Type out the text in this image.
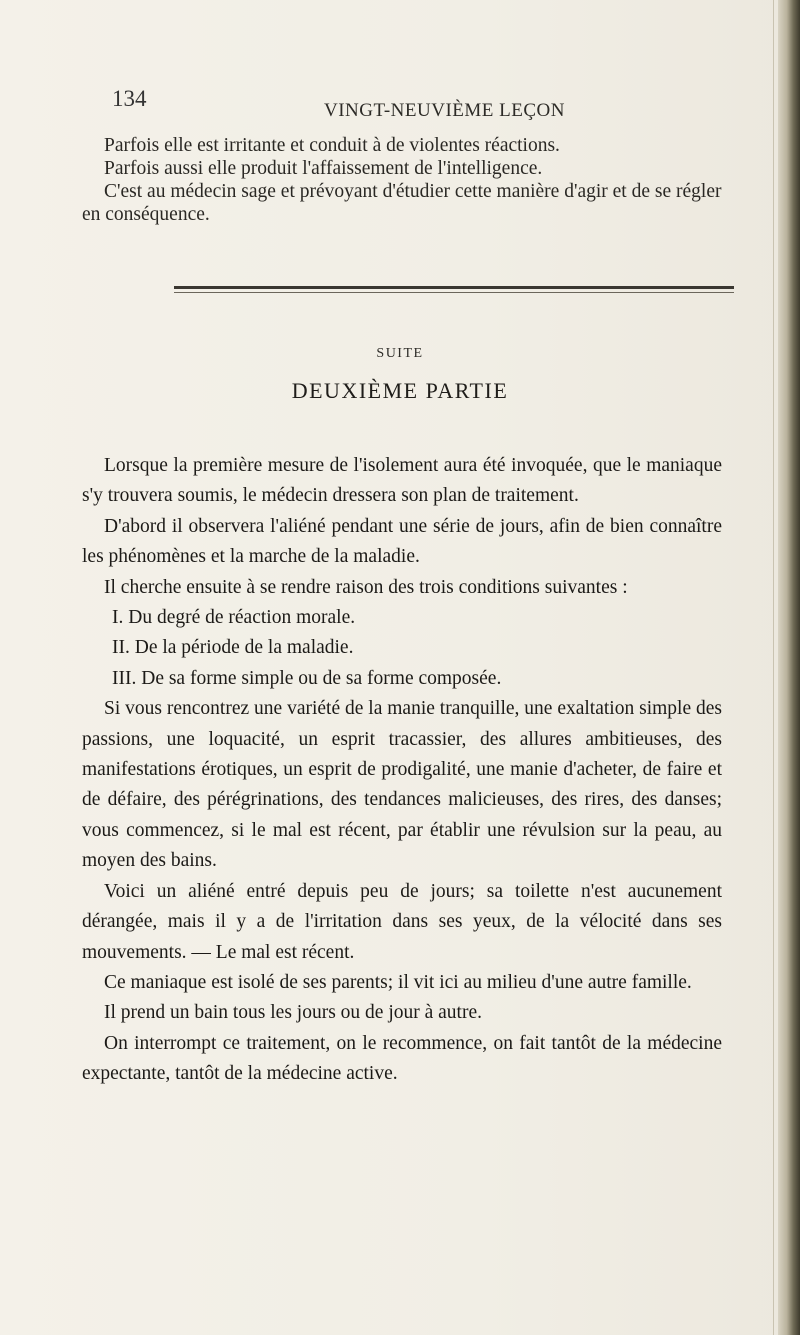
134	VINGT-NEUVIÈME LEÇON

Parfois elle est irritante et conduit à de violentes réactions.

Parfois aussi elle produit l'affaissement de l'intelligence.

C'est au médecin sage et prévoyant d'étudier cette manière d'agir et de se régler en conséquence.

SUITE
DEUXIÈME PARTIE

Lorsque la première mesure de l'isolement aura été invoquée, que le maniaque s'y trouvera soumis, le médecin dressera son plan de traitement.

D'abord il observera l'aliéné pendant une série de jours, afin de bien connaître les phénomènes et la marche de la maladie.

Il cherche ensuite à se rendre raison des trois conditions suivantes :

I. Du degré de réaction morale.

II. De la période de la maladie.

III. De sa forme simple ou de sa forme composée.

Si vous rencontrez une variété de la manie tranquille, une exaltation simple des passions, une loquacité, un esprit tracassier, des allures ambitieuses, des manifestations érotiques, un esprit de prodigalité, une manie d'acheter, de faire et de défaire, des pérégrinations, des tendances malicieuses, des rires, des danses; vous commencez, si le mal est récent, par établir une révulsion sur la peau, au moyen des bains.

Voici un aliéné entré depuis peu de jours; sa toilette n'est aucunement dérangée, mais il y a de l'irritation dans ses yeux, de la vélocité dans ses mouvements. — Le mal est récent.

Ce maniaque est isolé de ses parents; il vit ici au milieu d'une autre famille.

Il prend un bain tous les jours ou de jour à autre.

On interrompt ce traitement, on le recommence, on fait tantôt de la médecine expectante, tantôt de la médecine active.
